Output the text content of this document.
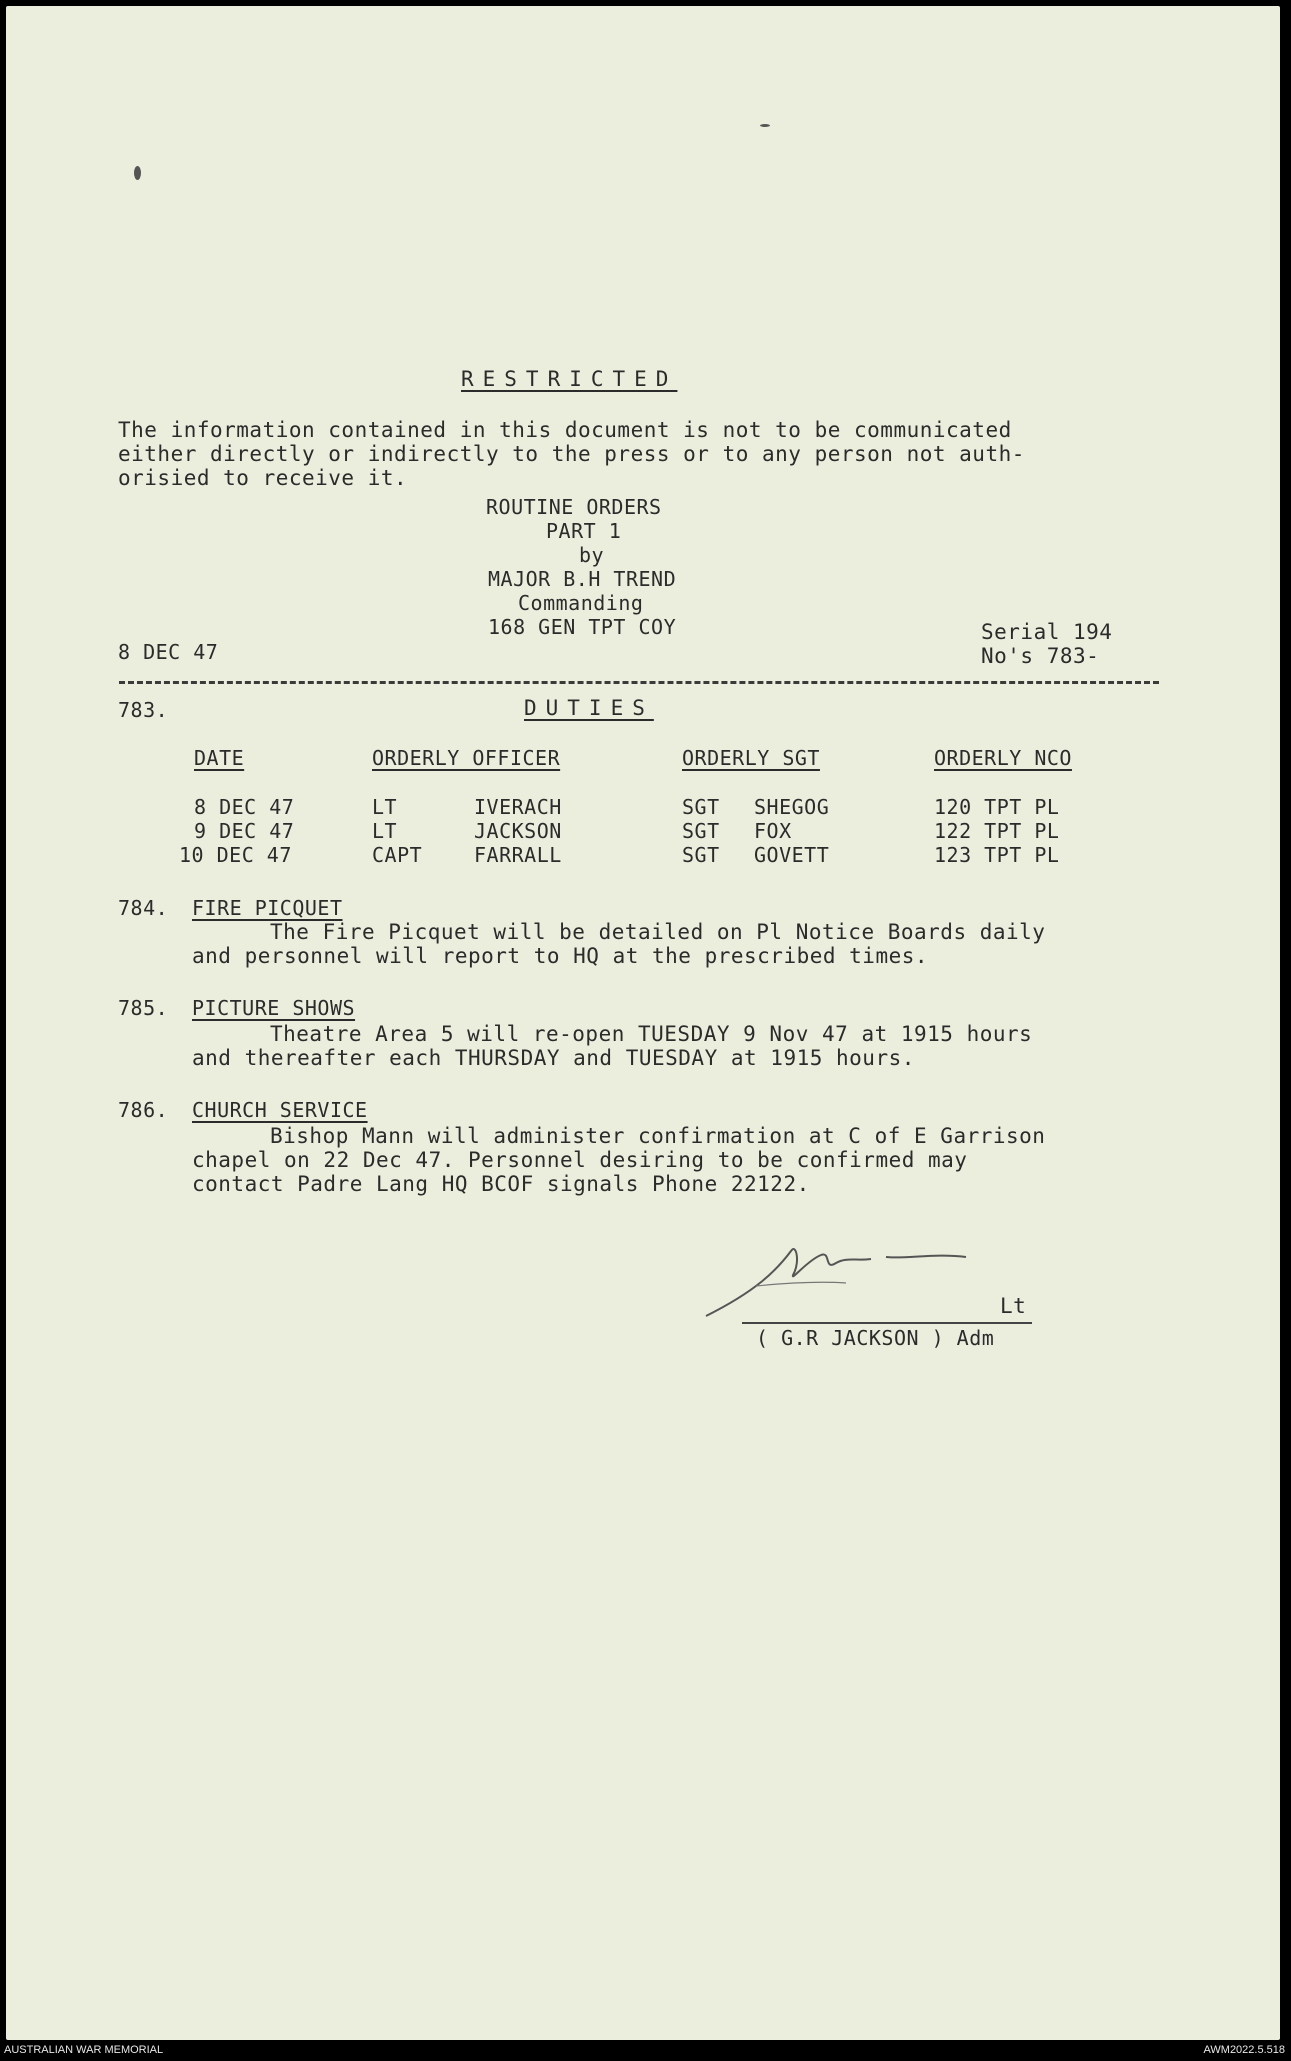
RESTRICTED
The information contained in this document is not to be communicated
either directly or indirectly to the press or to any person not auth-
orisied to receive it.
ROUTINE ORDERS
PART 1
by
MAJOR B.H TREND
Commanding
168 GEN TPT COY
8 DEC 47
Serial 194
No's 783-
783.	DUTIES
DATE	ORDERLY OFFICER	ORDERLY SGT	ORDERLY NCO
8 DEC 47	LT	IVERACH	SGT SHEGOG	120 TPT PL
9 DEC 47	LT	JACKSON	SGT FOX	122 TPT PL
10 DEC 47	CAPT	FARRALL	SGT GOVETT	123 TPT PL
784. FIRE PICQUET
The Fire Picquet will be detailed on Pl Notice Boards daily
and personnel will report to HQ at the prescribed times.
785. PICTURE SHOWS
Theatre Area 5 will re-open TUESDAY 9 Nov 47 at 1915 hours
and thereafter each THURSDAY and TUESDAY at 1915 hours.
786. CHURCH SERVICE
Bishop Mann will administer confirmation at C of E Garrison
chapel on 22 Dec 47. Personnel desiring to be confirmed may
contact Padre Lang HQ BCOF signals Phone 22122.
Lt
( G.R JACKSON ) Adm
AUSTRALIAN WAR MEMORIAL	AWM2022.5.518
